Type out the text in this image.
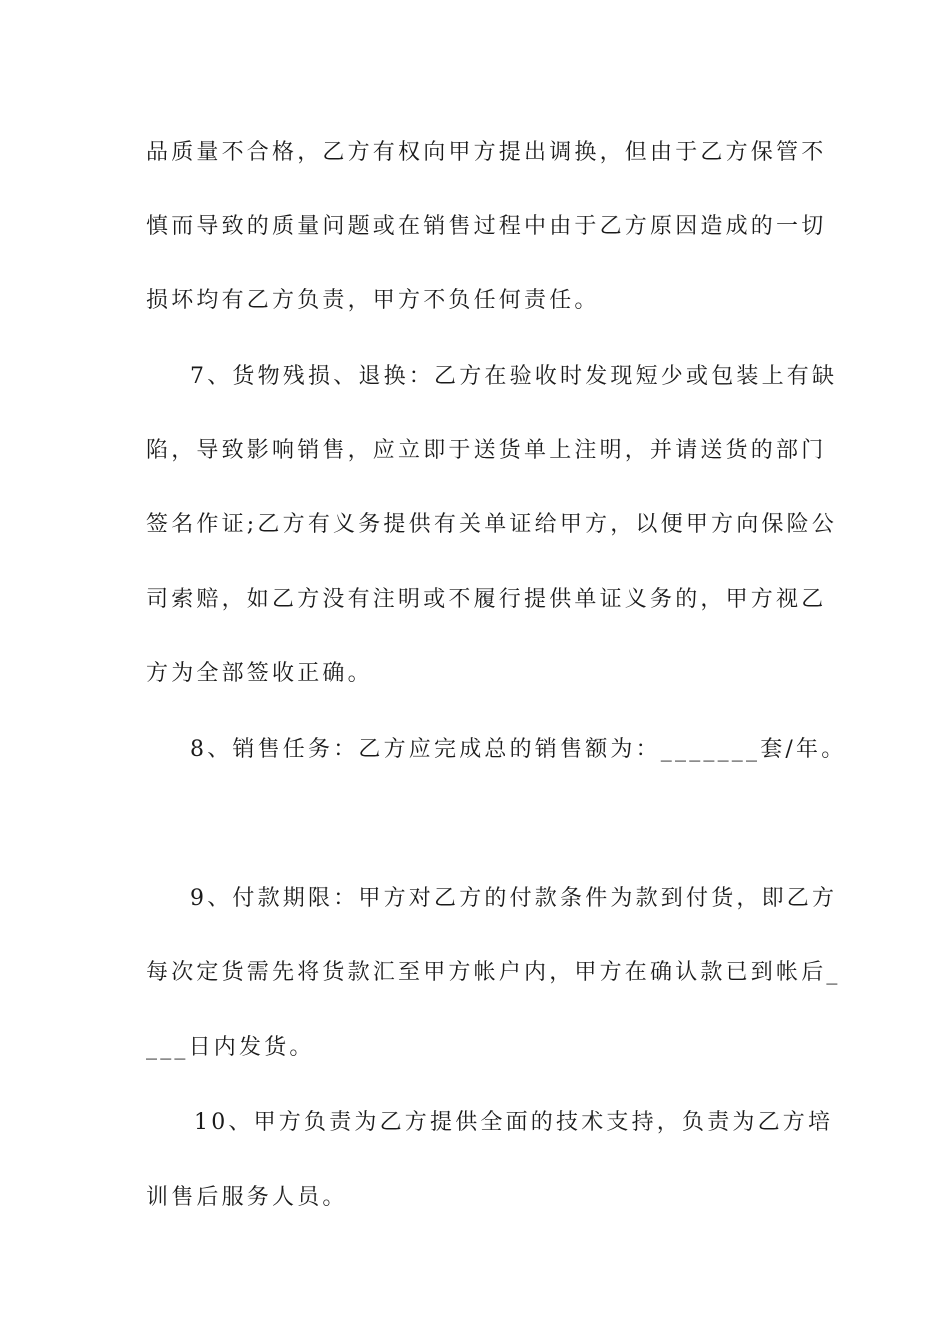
品质量不合格，乙方有权向甲方提出调换，但由于乙方保管不
慎而导致的质量问题或在销售过程中由于乙方原因造成的一切
损坏均有乙方负责，甲方不负任何责任。
7、货物残损、退换：乙方在验收时发现短少或包装上有缺
陷，导致影响销售，应立即于送货单上注明，并请送货的部门
签名作证;乙方有义务提供有关单证给甲方，以便甲方向保险公
司索赔，如乙方没有注明或不履行提供单证义务的，甲方视乙
方为全部签收正确。
8、销售任务：乙方应完成总的销售额为：_______套/年。
9、付款期限：甲方对乙方的付款条件为款到付货，即乙方
每次定货需先将货款汇至甲方帐户内，甲方在确认款已到帐后_
___日内发货。
10、甲方负责为乙方提供全面的技术支持，负责为乙方培
训售后服务人员。
